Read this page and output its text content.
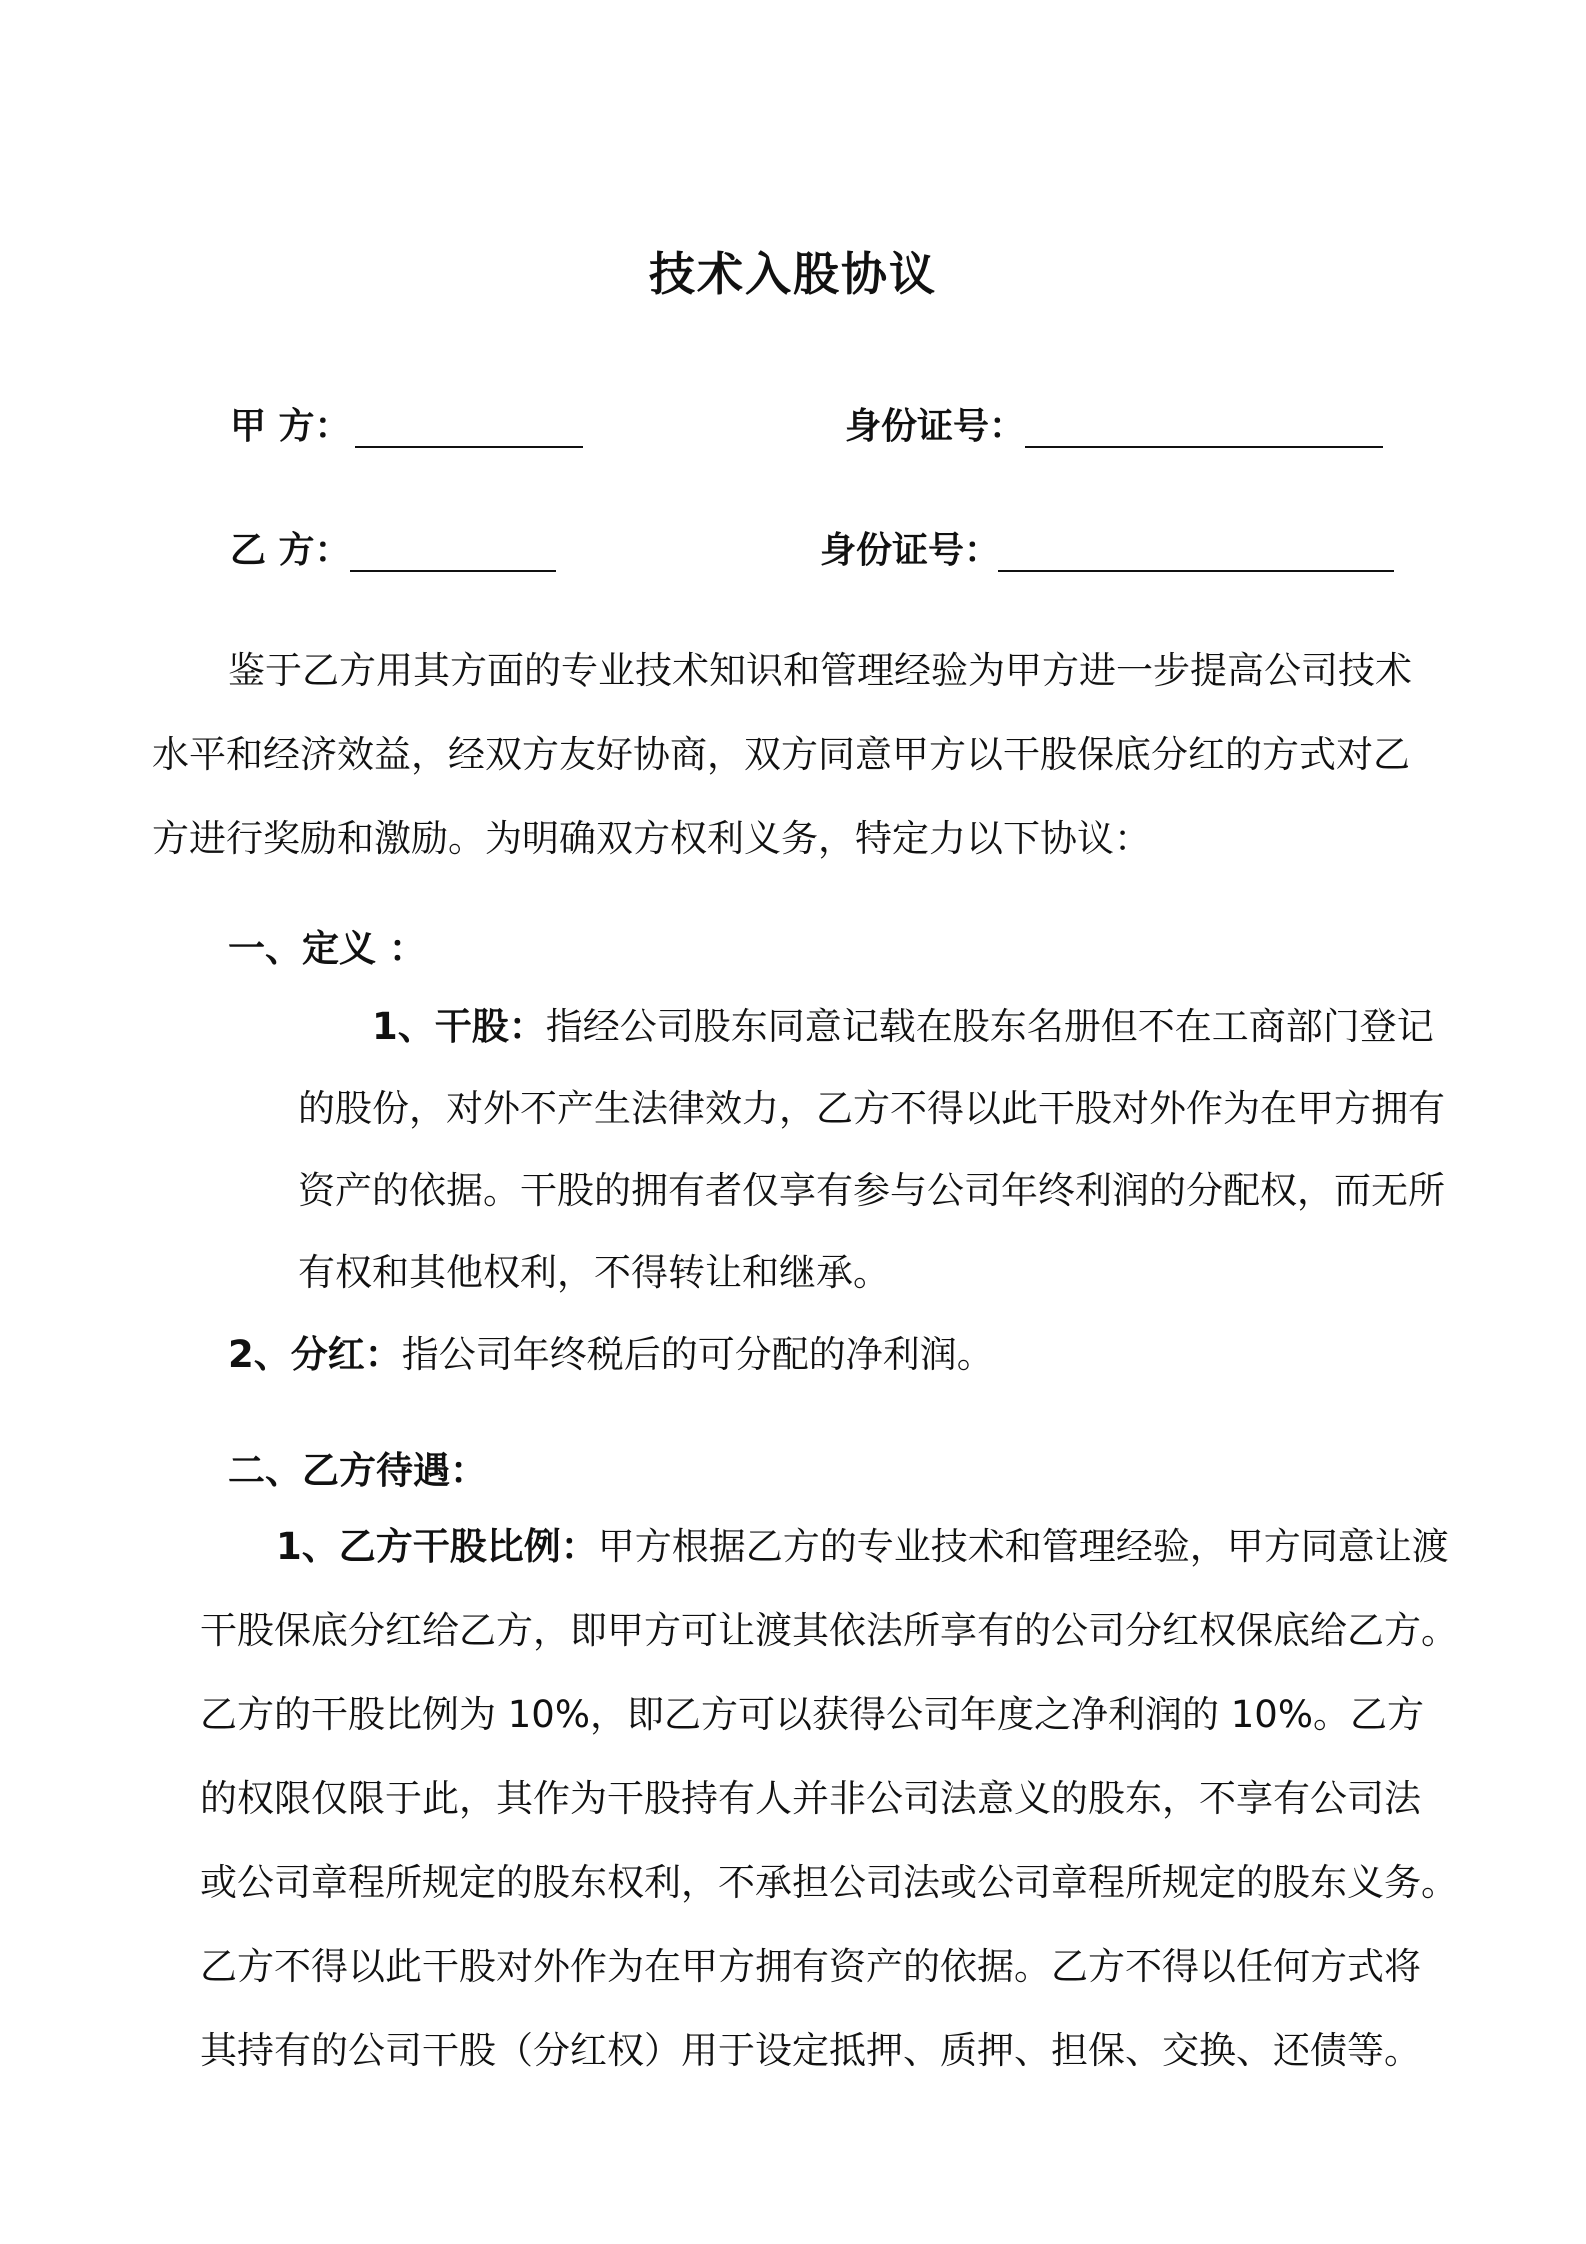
技术入股协议
甲 方：	身份证号：
乙 方：	身份证号：
鉴于乙方用其方面的专业技术知识和管理经验为甲方进一步提高公司技术
水平和经济效益，经双方友好协商，双方同意甲方以干股保底分红的方式对乙
方进行奖励和激励。为明确双方权利义务，特定力以下协议：
一、定义 ：
1、干股：指经公司股东同意记载在股东名册但不在工商部门登记
的股份，对外不产生法律效力，乙方不得以此干股对外作为在甲方拥有
资产的依据。干股的拥有者仅享有参与公司年终利润的分配权，而无所
有权和其他权利，不得转让和继承。
2、分红：指公司年终税后的可分配的净利润。
二、乙方待遇：
1、乙方干股比例：甲方根据乙方的专业技术和管理经验，甲方同意让渡
干股保底分红给乙方，即甲方可让渡其依法所享有的公司分红权保底给乙方。
乙方的干股比例为 10%，即乙方可以获得公司年度之净利润的 10%。乙方
的权限仅限于此，其作为干股持有人并非公司法意义的股东，不享有公司法
或公司章程所规定的股东权利，不承担公司法或公司章程所规定的股东义务。
乙方不得以此干股对外作为在甲方拥有资产的依据。乙方不得以任何方式将
其持有的公司干股（分红权）用于设定抵押、质押、担保、交换、还债等。
